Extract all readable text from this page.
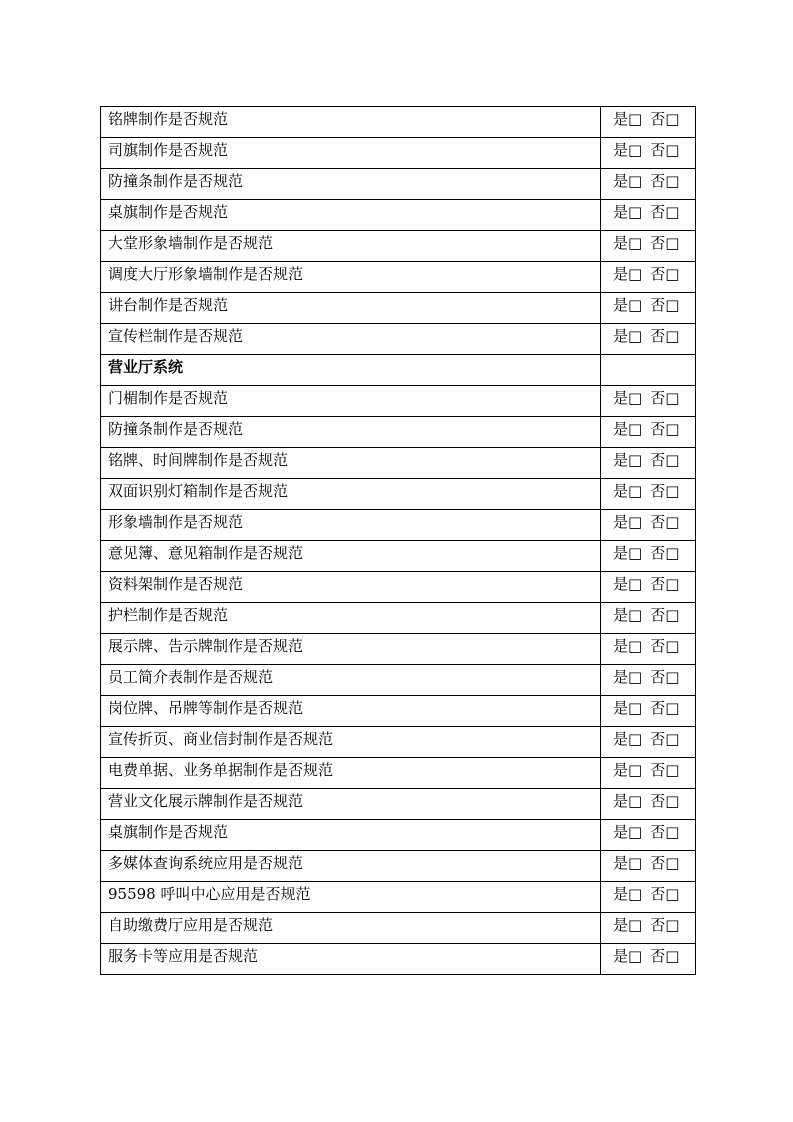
铭牌制作是否规范	是□ 否□
司旗制作是否规范	是□ 否□
防撞条制作是否规范	是□ 否□
桌旗制作是否规范	是□ 否□
大堂形象墙制作是否规范	是□ 否□
调度大厅形象墙制作是否规范	是□ 否□
讲台制作是否规范	是□ 否□
宣传栏制作是否规范	是□ 否□
营业厅系统	
门楣制作是否规范	是□ 否□
防撞条制作是否规范	是□ 否□
铭牌、时间牌制作是否规范	是□ 否□
双面识别灯箱制作是否规范	是□ 否□
形象墙制作是否规范	是□ 否□
意见簿、意见箱制作是否规范	是□ 否□
资料架制作是否规范	是□ 否□
护栏制作是否规范	是□ 否□
展示牌、告示牌制作是否规范	是□ 否□
员工简介表制作是否规范	是□ 否□
岗位牌、吊牌等制作是否规范	是□ 否□
宣传折页、商业信封制作是否规范	是□ 否□
电费单据、业务单据制作是否规范	是□ 否□
营业文化展示牌制作是否规范	是□ 否□
桌旗制作是否规范	是□ 否□
多媒体查询系统应用是否规范	是□ 否□
95598 呼叫中心应用是否规范	是□ 否□
自助缴费厅应用是否规范	是□ 否□
服务卡等应用是否规范	是□ 否□
